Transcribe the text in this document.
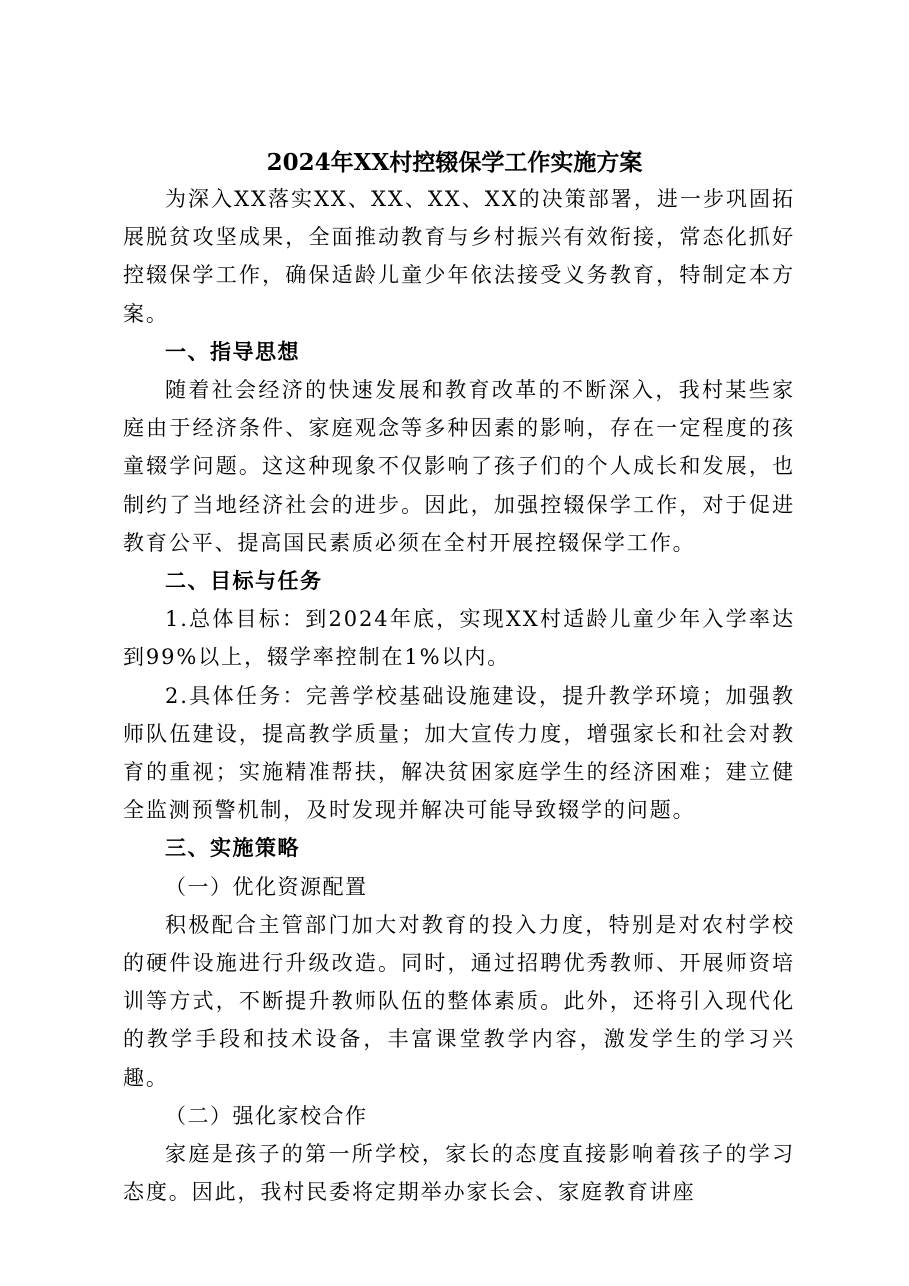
2024年XX村控辍保学工作实施方案

为深入XX落实XX、XX、XX、XX的决策部署，进一步巩固拓展脱贫攻坚成果，全面推动教育与乡村振兴有效衔接，常态化抓好控辍保学工作，确保适龄儿童少年依法接受义务教育，特制定本方案。

一、指导思想

随着社会经济的快速发展和教育改革的不断深入，我村某些家庭由于经济条件、家庭观念等多种因素的影响，存在一定程度的孩童辍学问题。这这种现象不仅影响了孩子们的个人成长和发展，也制约了当地经济社会的进步。因此，加强控辍保学工作，对于促进教育公平、提高国民素质必须在全村开展控辍保学工作。

二、目标与任务

1.总体目标：到2024年底，实现XX村适龄儿童少年入学率达到99%以上，辍学率控制在1%以内。

2.具体任务：完善学校基础设施建设，提升教学环境；加强教师队伍建设，提高教学质量；加大宣传力度，增强家长和社会对教育的重视；实施精准帮扶，解决贫困家庭学生的经济困难；建立健全监测预警机制，及时发现并解决可能导致辍学的问题。

三、实施策略

（一）优化资源配置

积极配合主管部门加大对教育的投入力度，特别是对农村学校的硬件设施进行升级改造。同时，通过招聘优秀教师、开展师资培训等方式，不断提升教师队伍的整体素质。此外，还将引入现代化的教学手段和技术设备，丰富课堂教学内容，激发学生的学习兴趣。

（二）强化家校合作

家庭是孩子的第一所学校，家长的态度直接影响着孩子的学习态度。因此，我村民委将定期举办家长会、家庭教育讲座
